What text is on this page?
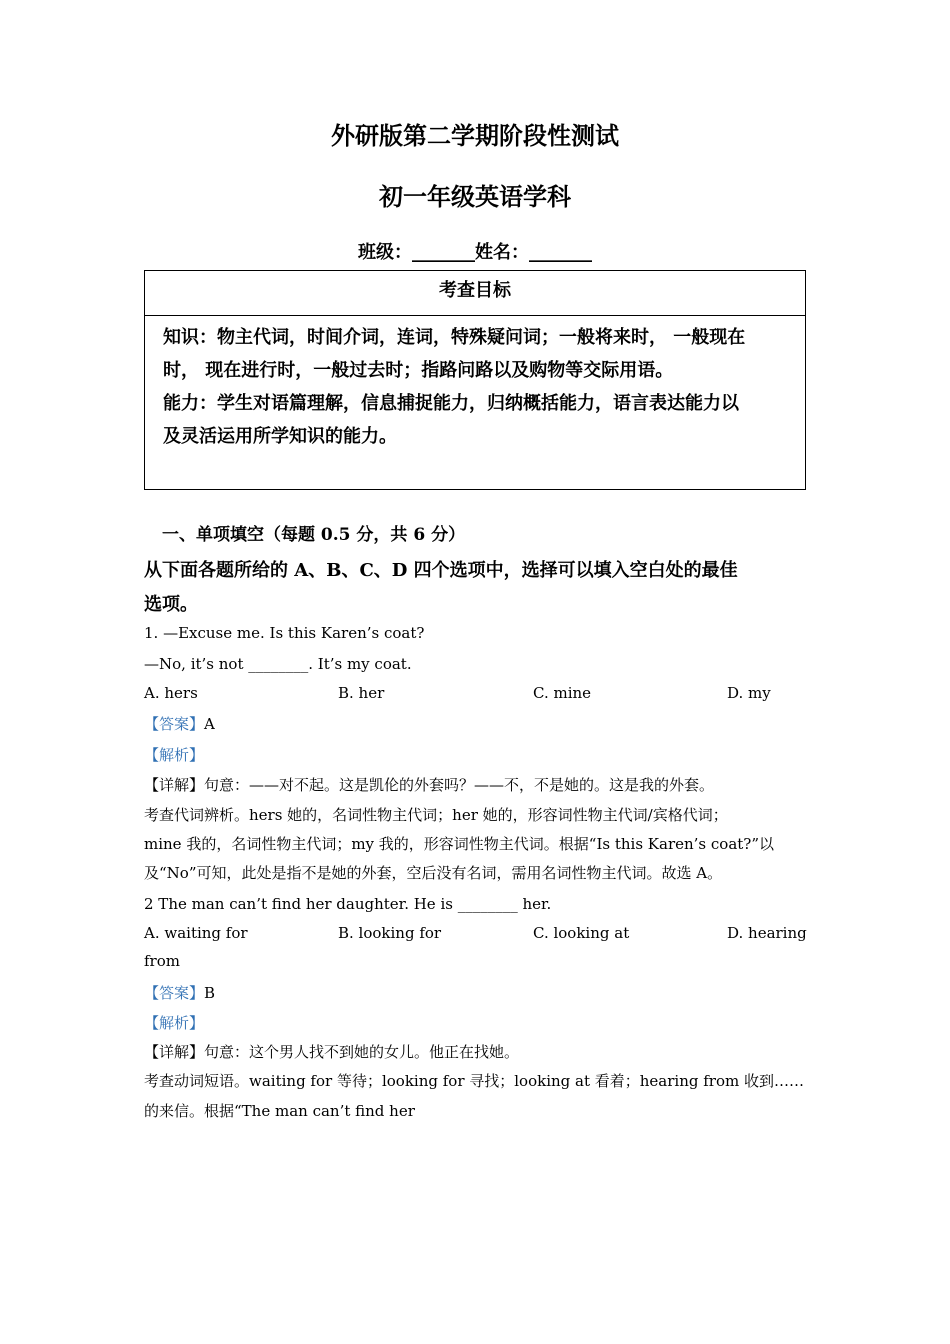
外研版第二学期阶段性测试
初一年级英语学科
班级：_______姓名：_______
考查目标
知识：物主代词，时间介词，连词，特殊疑问词；一般将来时， 一般现在
时， 现在进行时，一般过去时；指路问路以及购物等交际用语。
能力：学生对语篇理解，信息捕捉能力，归纳概括能力，语言表达能力以
及灵活运用所学知识的能力。
一、单项填空（每题 0.5 分，共 6 分）
从下面各题所给的 A、B、C、D 四个选项中，选择可以填入空白处的最佳
选项。
1. —Excuse me. Is this Karen’s coat?
—No, it’s not ________. It’s my coat.
A. hers	B. her	C. mine	D. my
【答案】A
【解析】
【详解】句意：——对不起。这是凯伦的外套吗？——不，不是她的。这是我的外套。
考查代词辨析。hers 她的，名词性物主代词；her 她的，形容词性物主代词/宾格代词；
mine 我的，名词性物主代词；my 我的，形容词性物主代词。根据“Is this Karen’s coat?”以
及“No”可知，此处是指不是她的外套，空后没有名词，需用名词性物主代词。故选 A。
2 The man can’t find her daughter. He is ________ her.
A. waiting for	B. looking for	C. looking at	D. hearing
from
【答案】B
【解析】
【详解】句意：这个男人找不到她的女儿。他正在找她。
考查动词短语。waiting for 等待；looking for 寻找；looking at 看着；hearing from 收到……
的来信。根据“The man can’t find her
